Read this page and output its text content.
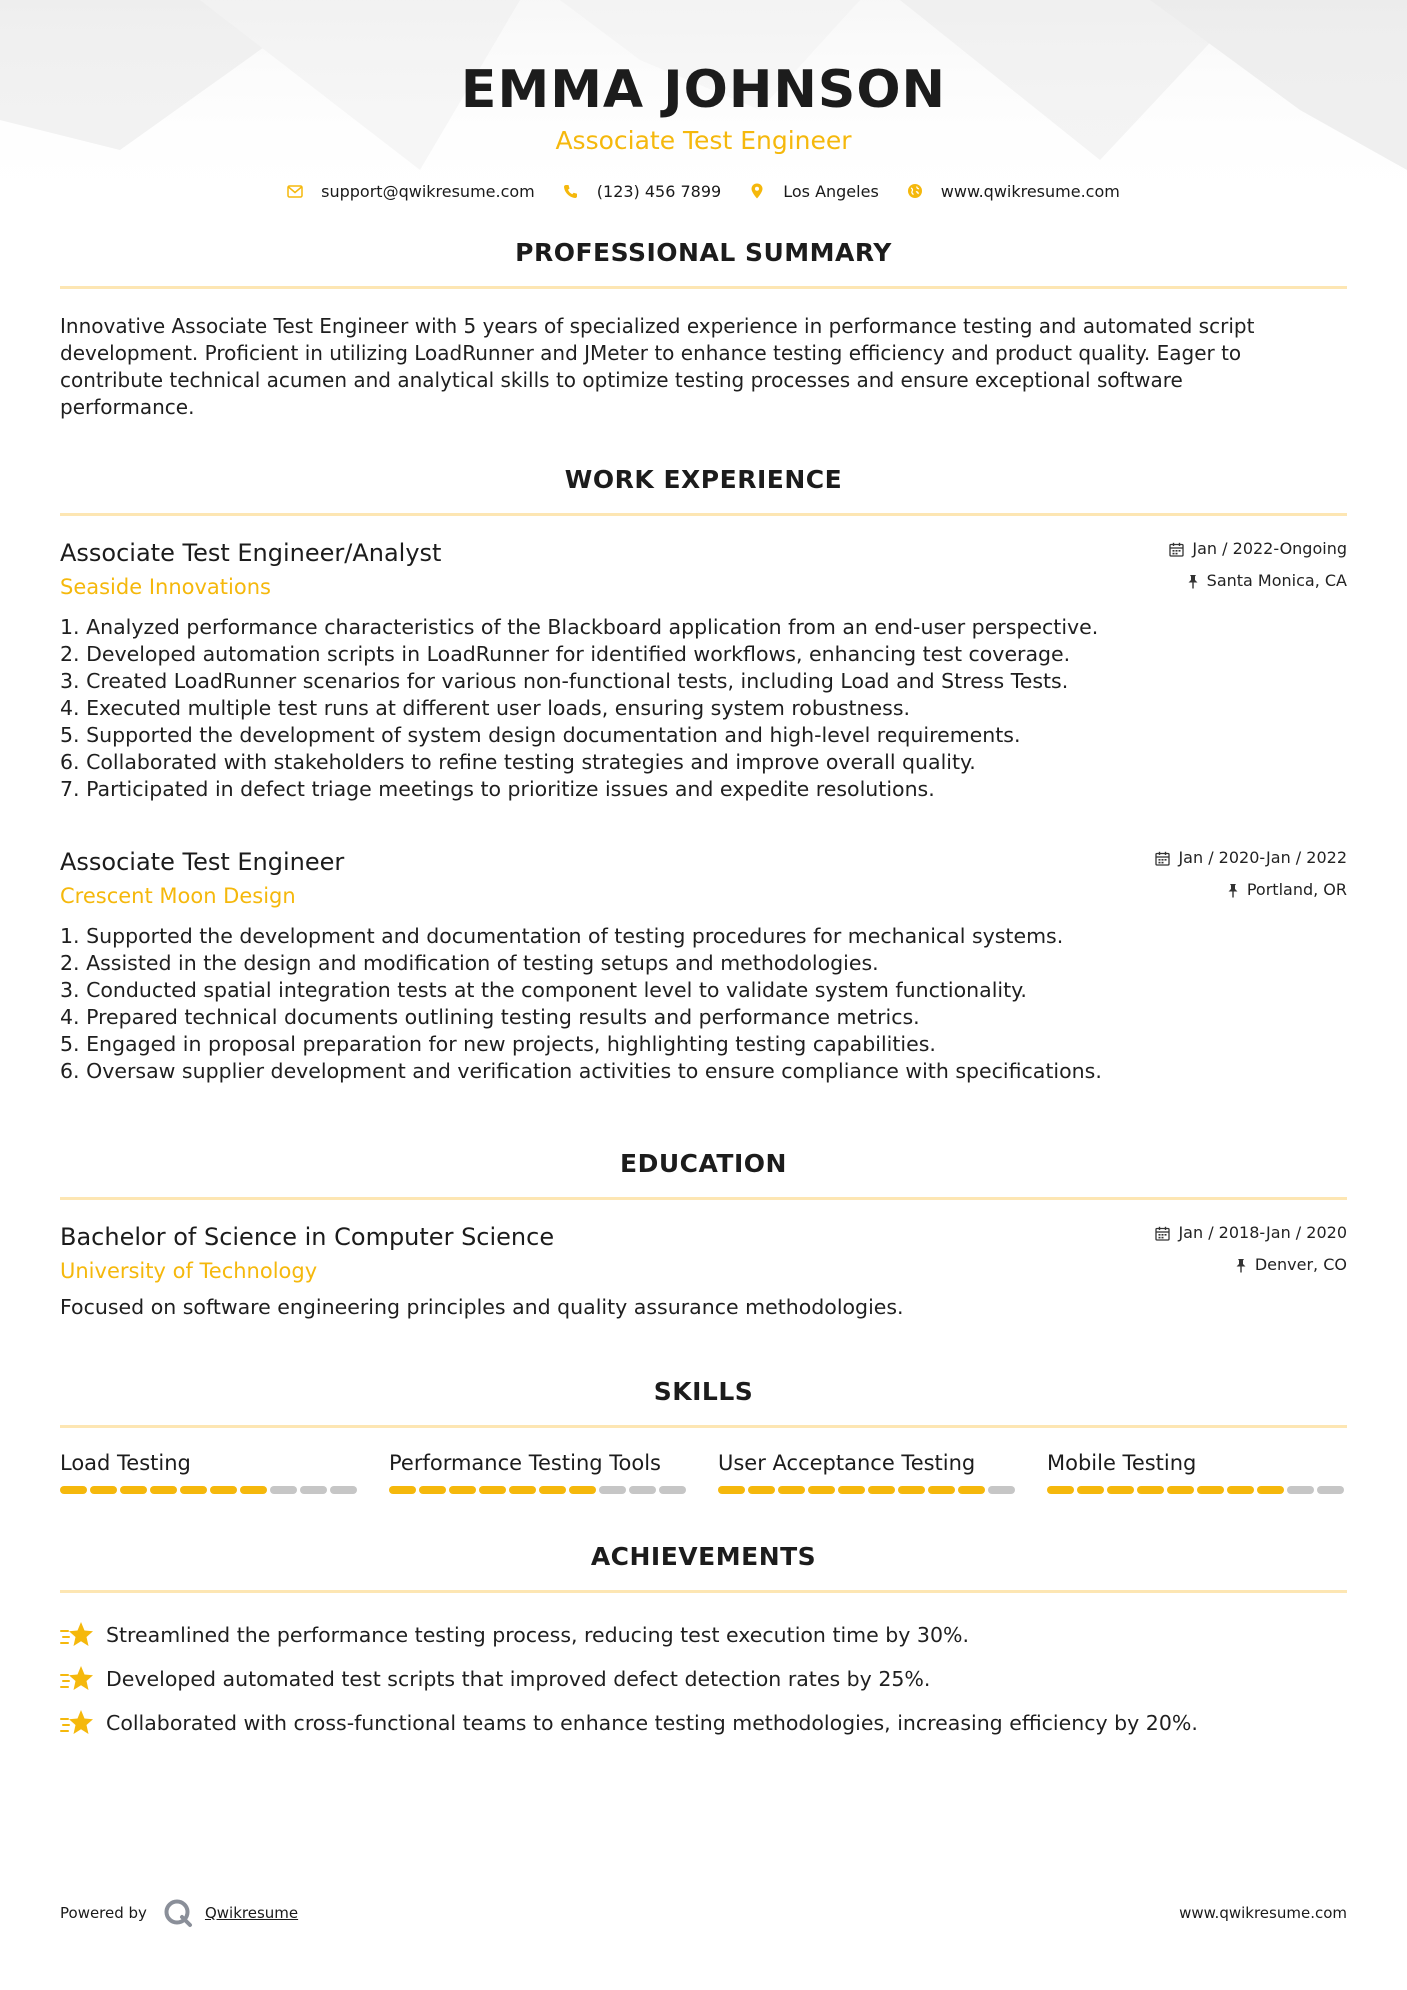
EMMA JOHNSON
Associate Test Engineer
support@qwikresume.com	(123) 456 7899	Los Angeles	www.qwikresume.com
PROFESSIONAL SUMMARY
Innovative Associate Test Engineer with 5 years of specialized experience in performance testing and automated script
development. Proficient in utilizing LoadRunner and JMeter to enhance testing efficiency and product quality. Eager to
contribute technical acumen and analytical skills to optimize testing processes and ensure exceptional software
performance.
WORK EXPERIENCE
Associate Test Engineer/Analyst
Seaside Innovations
Jan / 2022-Ongoing
Santa Monica, CA
1. Analyzed performance characteristics of the Blackboard application from an end-user perspective.
2. Developed automation scripts in LoadRunner for identified workflows, enhancing test coverage.
3. Created LoadRunner scenarios for various non-functional tests, including Load and Stress Tests.
4. Executed multiple test runs at different user loads, ensuring system robustness.
5. Supported the development of system design documentation and high-level requirements.
6. Collaborated with stakeholders to refine testing strategies and improve overall quality.
7. Participated in defect triage meetings to prioritize issues and expedite resolutions.
Associate Test Engineer
Crescent Moon Design
Jan / 2020-Jan / 2022
Portland, OR
1. Supported the development and documentation of testing procedures for mechanical systems.
2. Assisted in the design and modification of testing setups and methodologies.
3. Conducted spatial integration tests at the component level to validate system functionality.
4. Prepared technical documents outlining testing results and performance metrics.
5. Engaged in proposal preparation for new projects, highlighting testing capabilities.
6. Oversaw supplier development and verification activities to ensure compliance with specifications.
EDUCATION
Bachelor of Science in Computer Science
University of Technology
Jan / 2018-Jan / 2020
Denver, CO
Focused on software engineering principles and quality assurance methodologies.
SKILLS
Load Testing	Performance Testing Tools	User Acceptance Testing	Mobile Testing
ACHIEVEMENTS
Streamlined the performance testing process, reducing test execution time by 30%.
Developed automated test scripts that improved defect detection rates by 25%.
Collaborated with cross-functional teams to enhance testing methodologies, increasing efficiency by 20%.
Powered by	Qwikresume	www.qwikresume.com
